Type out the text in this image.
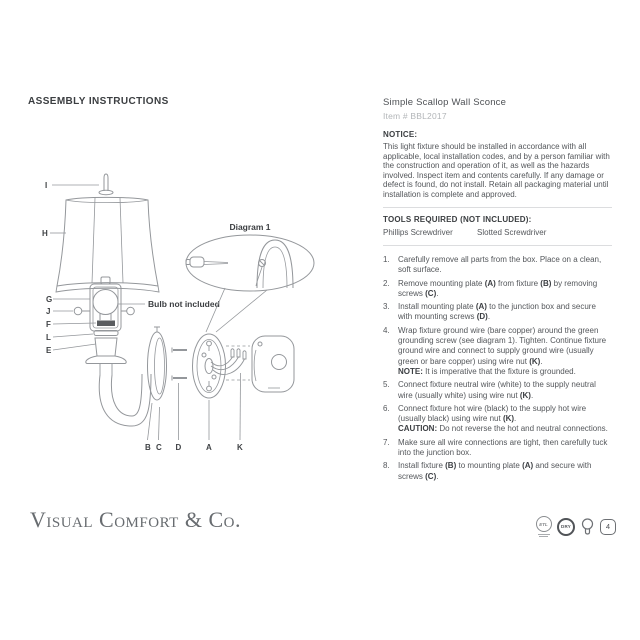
ASSEMBLY INSTRUCTIONS
I
H
G
J
Bulb not included
F
L
E
Diagram 1
B C D	A	K
Simple Scallop Wall Sconce
Item # BBL2017
NOTICE:
This light fixture should be installed in accordance with all applicable, local installation codes, and by a person familiar with the construction and operation of it, as well as the hazards involved. Inspect item and contents carefully. If any damage or defect is found, do not install. Retain all packaging material until installation is complete and approved.
TOOLS REQUIRED (NOT INCLUDED):
Phillips Screwdriver	Slotted Screwdriver
1.	Carefully remove all parts from the box. Place on a clean, soft surface.
2.	Remove mounting plate (A) from fixture (B) by removing screws (C).
3.	Install mounting plate (A) to the junction box and secure with mounting screws (D).
4.	Wrap fixture ground wire (bare copper) around the green grounding screw (see diagram 1). Tighten. Continue fixture ground wire and connect to supply ground wire (usually green or bare copper) using wire nut (K).
NOTE: It is imperative that the fixture is grounded.
5.	Connect fixture neutral wire (white) to the supply neutral wire (usually white) using wire nut (K).
6.	Connect fixture hot wire (black) to the supply hot wire (usually black) using wire nut (K).
CAUTION: Do not reverse the hot and neutral connections.
7.	Make sure all wire connections are tight, then carefully tuck into the junction box.
8.	Install fixture (B) to mounting plate (A) and secure with screws (C).
Visual Comfort & Co.	ETL	DRY	4
